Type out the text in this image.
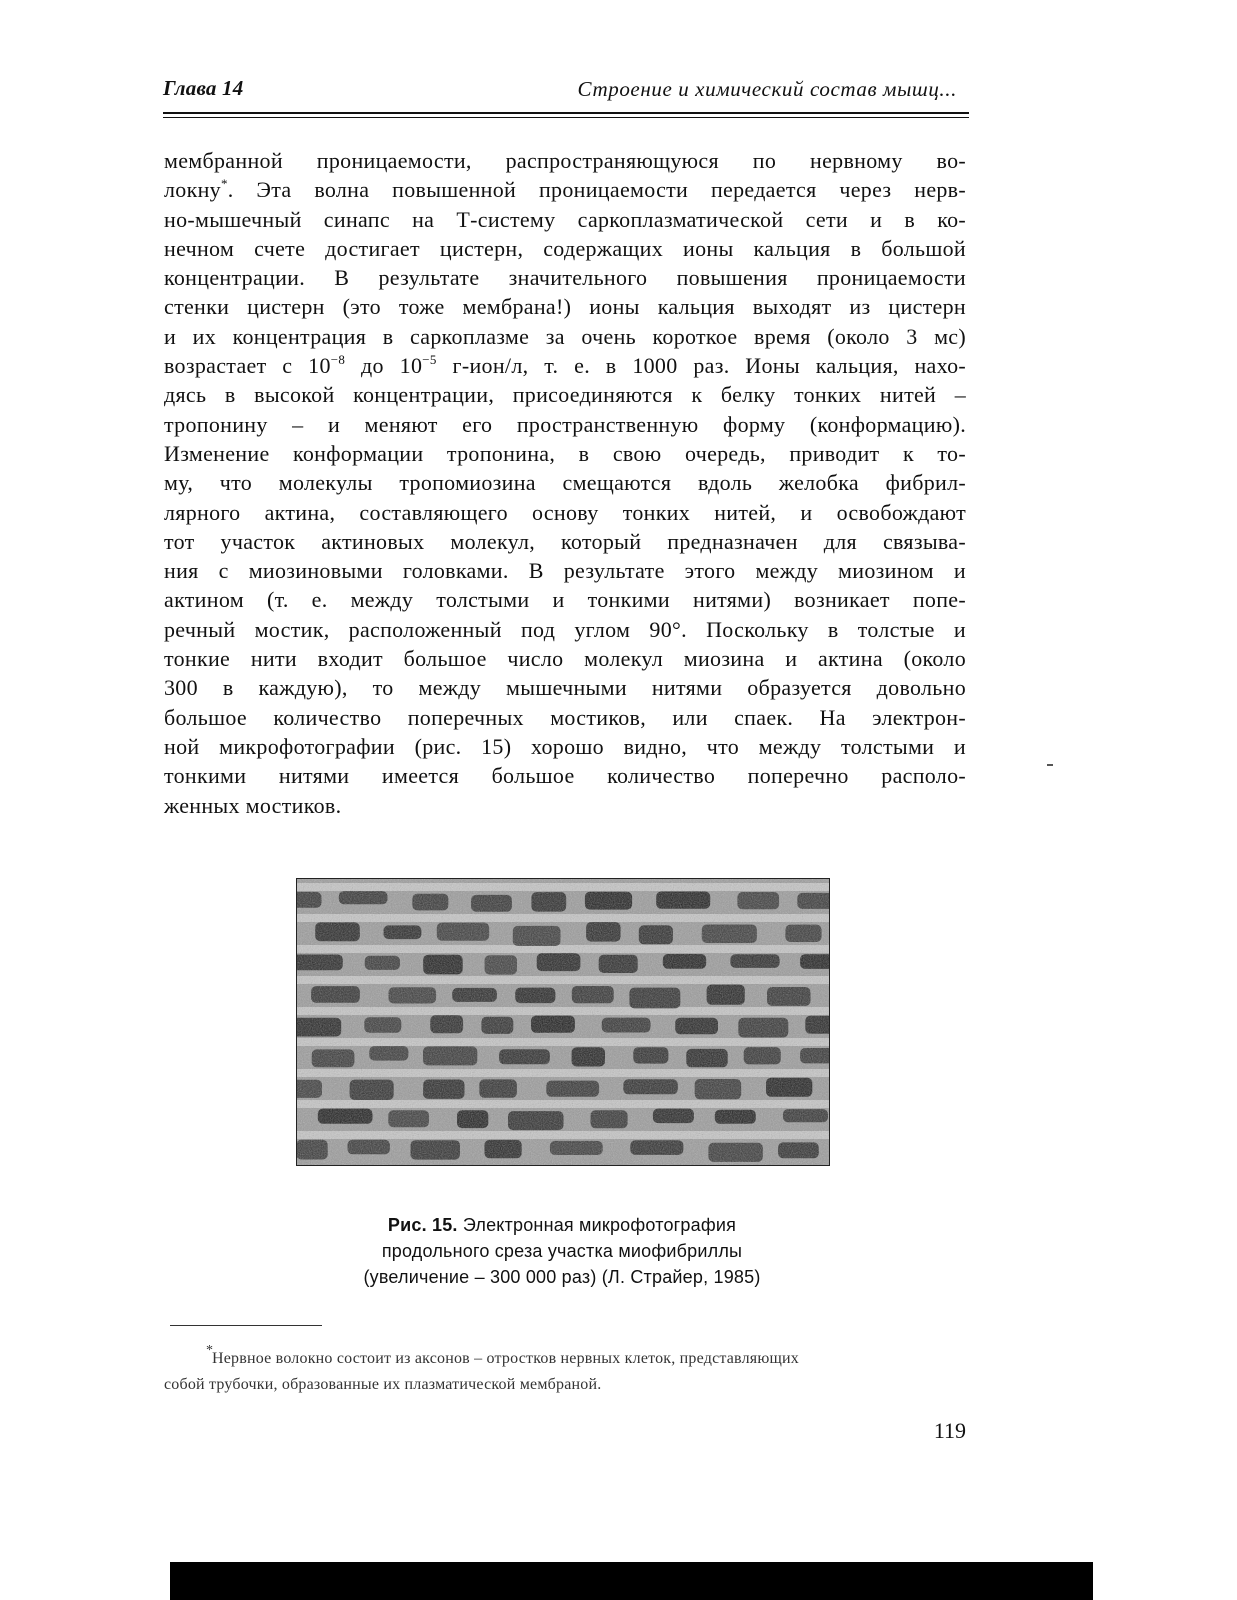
Глава 14	Строение и химический состав мышц...
мембранной проницаемости, распространяющуюся по нервному во-
локну*. Эта волна повышенной проницаемости передается через нерв-
но-мышечный синапс на Т-систему саркоплазматической сети и в ко-
нечном счете достигает цистерн, содержащих ионы кальция в большой
концентрации. В результате значительного повышения проницаемости
стенки цистерн (это тоже мембрана!) ионы кальция выходят из цистерн
и их концентрация в саркоплазме за очень короткое время (около 3 мс)
возрастает с $10^{-8}$ до $10^{-5}$ г-ион/л, т. е. в 1000 раз. Ионы кальция, нахо-
дясь в высокой концентрации, присоединяются к белку тонких нитей –
тропонину – и меняют его пространственную форму (конформацию).
Изменение конформации тропонина, в свою очередь, приводит к то-
му, что молекулы тропомиозина смещаются вдоль желобка фибрил-
лярного актина, составляющего основу тонких нитей, и освобождают
тот участок актиновых молекул, который предназначен для связыва-
ния с миозиновыми головками. В результате этого между миозином и
актином (т. е. между толстыми и тонкими нитями) возникает попе-
речный мостик, расположенный под углом 90°. Поскольку в толстые и
тонкие нити входит большое число молекул миозина и актина (около
300 в каждую), то между мышечными нитями образуется довольно
большое количество поперечных мостиков, или спаек. На электрон-
ной микрофотографии (рис. 15) хорошо видно, что между толстыми и
тонкими нитями имеется большое количество поперечно располо-
женных мостиков.
Рис. 15. Электронная микрофотография
продольного среза участка миофибриллы
(увеличение – 300 000 раз) (Л. Страйер, 1985)
*
Нервное волокно состоит из аксонов – отростков нервных клеток, представляющих
собой трубочки, образованные их плазматической мембраной.
119
